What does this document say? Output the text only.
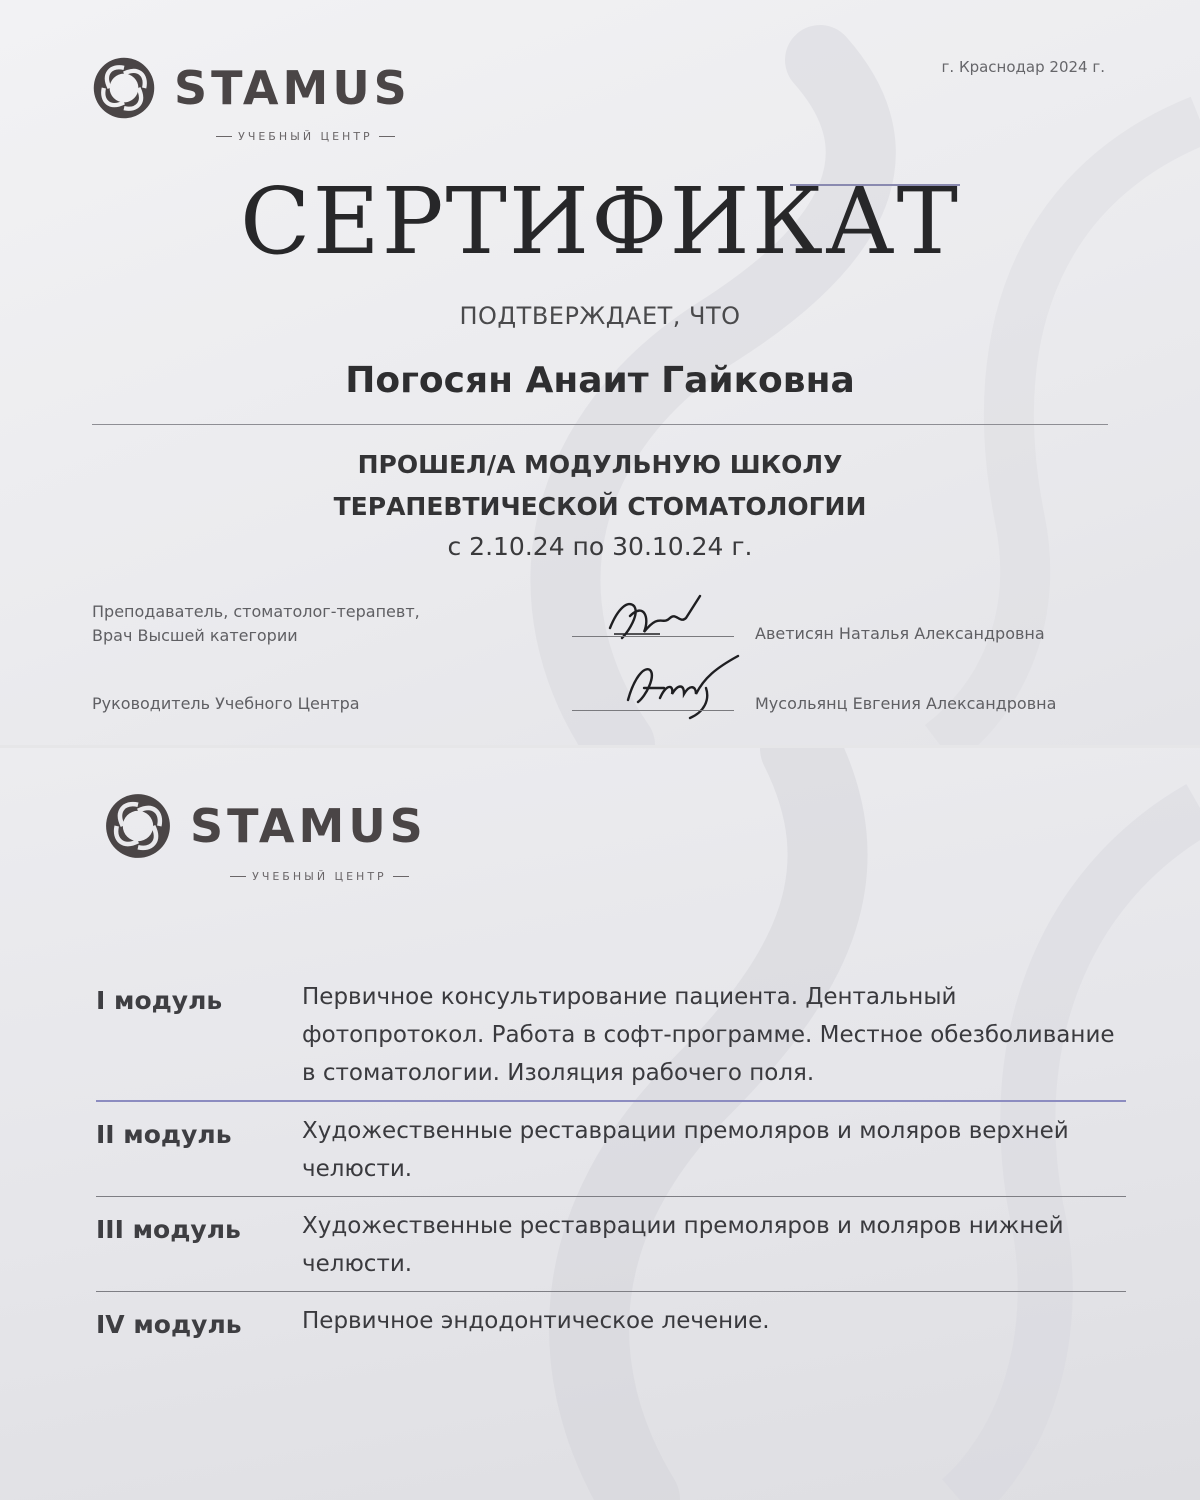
STAMUS
УЧЕБНЫЙ ЦЕНТР
г. Краснодар 2024 г.
СЕРТИФИКАТ
ПОДТВЕРЖДАЕТ, ЧТО
Погосян Анаит Гайковна
ПРОШЕЛ/А МОДУЛЬНУЮ ШКОЛУ
ТЕРАПЕВТИЧЕСКОЙ СТОМАТОЛОГИИ
с 2.10.24 по 30.10.24 г.
Преподаватель, стоматолог-терапевт,
Врач Высшей категории	Аветисян Наталья Александровна
Руководитель Учебного Центра	Мусольянц Евгения Александровна
STAMUS
УЧЕБНЫЙ ЦЕНТР
I модуль	Первичное консультирование пациента. Дентальный фотопротокол. Работа в софт-программе. Местное обезболивание в стоматологии. Изоляция рабочего поля.
II модуль	Художественные реставрации премоляров и моляров верхней челюсти.
III модуль	Художественные реставрации премоляров и моляров нижней челюсти.
IV модуль	Первичное эндодонтическое лечение.
